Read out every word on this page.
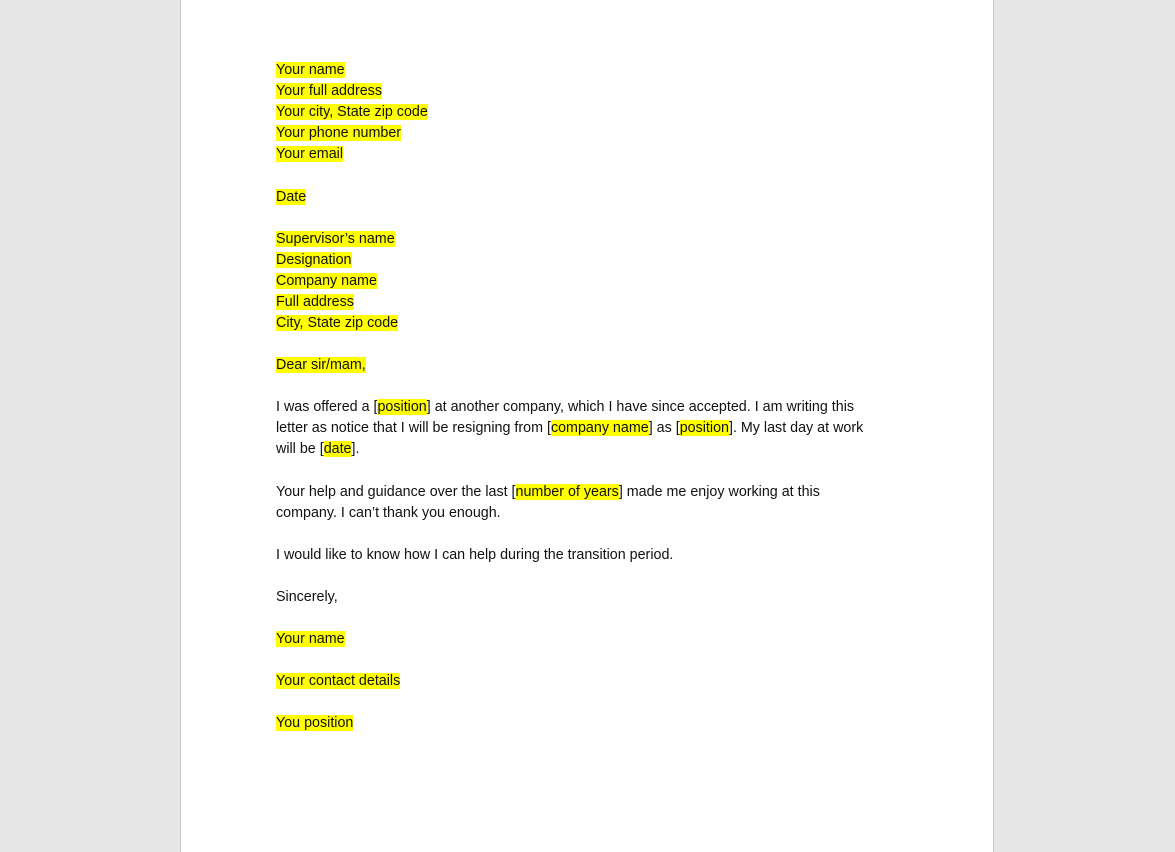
Your name
Your full address
Your city, State zip code
Your phone number
Your email
Date
Supervisor’s name
Designation
Company name
Full address
City, State zip code
Dear sir/mam,
I was offered a [position] at another company, which I have since accepted. I am writing this
letter as notice that I will be resigning from [company name] as [position]. My last day at work
will be [date].
Your help and guidance over the last [number of years] made me enjoy working at this
company. I can’t thank you enough.
I would like to know how I can help during the transition period.
Sincerely,
Your name
Your contact details
You position
